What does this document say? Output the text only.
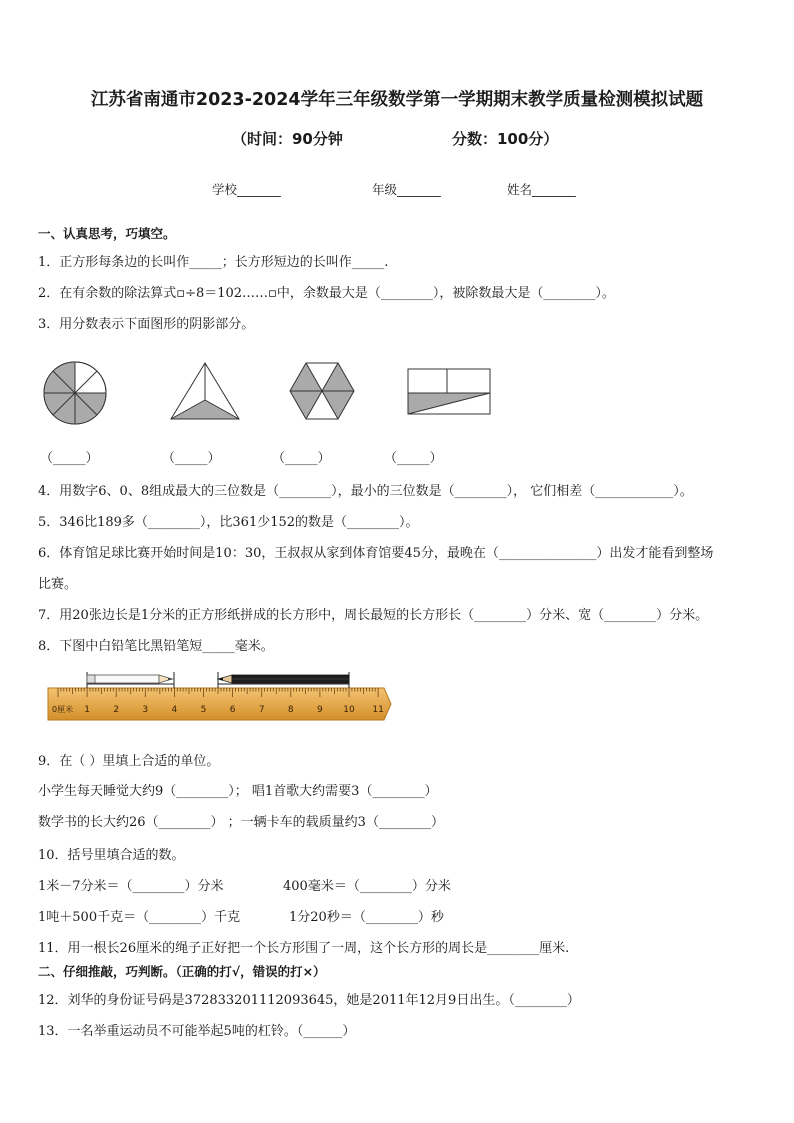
江苏省南通市2023-2024学年三年级数学第一学期期末教学质量检测模拟试题
（时间：90分钟	分数：100分）
学校_______	年级_______	姓名_______
一、认真思考，巧填空。
1．正方形每条边的长叫作_____；长方形短边的长叫作_____.
2．在有余数的除法算式▫÷8＝102……▫中，余数最大是（________），被除数最大是（________）。
3．用分数表示下面图形的阴影部分。
（_____）	（_____）	（_____）	（_____）
4．用数字6、0、8组成最大的三位数是（________），最小的三位数是（________）， 它们相差（____________）。
5．346比189多（________），比361少152的数是（________）。
6．体育馆足球比赛开始时间是10：30，王叔叔从家到体育馆要45分，最晚在（_______________）出发才能看到整场
比赛。
7．用20张边长是1分米的正方形纸拼成的长方形中，周长最短的长方形长（________）分米、宽（________）分米。
8．下图中白铅笔比黑铅笔短_____毫米。
0厘米 1	2	3	4	5	6	7	8	9 10 11
9．在（ ）里填上合适的单位。
小学生每天睡觉大约9（________）； 唱1首歌大约需要3（________）
数学书的长大约26（________） ；一辆卡车的载质量约3（________）
10．括号里填合适的数。
1米－7分米＝（________）分米	400毫米＝（________）分米
1吨＋500千克＝（________）千克	1分20秒＝（________）秒
11．用一根长26厘米的绳子正好把一个长方形围了一周，这个长方形的周长是________厘米.
二、仔细推敲，巧判断。（正确的打√，错误的打×）
12．刘华的身份证号码是372833201112093645，她是2011年12月9日出生。（________）
13．一名举重运动员不可能举起5吨的杠铃。（______）
